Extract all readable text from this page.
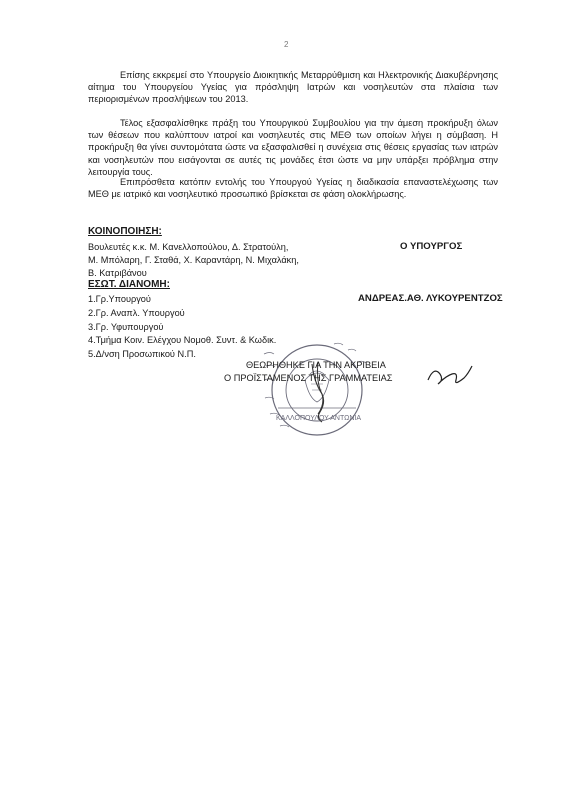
2

Επίσης εκκρεμεί στο Υπουργείο Διοικητικής Μεταρρύθμιση και Ηλεκτρονικής Διακυβέρνησης αίτημα του Υπουργείου Υγείας για πρόσληψη Ιατρών και νοσηλευτών στα πλαίσια των περιορισμένων προσλήψεων του 2013.

Τέλος εξασφαλίσθηκε πράξη του Υπουργικού Συμβουλίου για την άμεση προκήρυξη όλων των θέσεων που καλύπτουν ιατροί και νοσηλευτές στις ΜΕΘ των οποίων λήγει η σύμβαση. Η προκήρυξη θα γίνει συντομότατα ώστε να εξασφαλισθεί η συνέχεια στις θέσεις εργασίας των ιατρών και νοσηλευτών που εισάγονται σε αυτές τις μονάδες έτσι ώστε να μην υπάρξει πρόβλημα στην λειτουργία τους.

Επιπρόσθετα κατόπιν εντολής του Υπουργού Υγείας η διαδικασία επαναστελέχωσης των ΜΕΘ με ιατρικό και νοσηλευτικό προσωπικό βρίσκεται σε φάση ολοκλήρωσης.

ΚΟΙΝΟΠΟΙΗΣΗ:
Βουλευτές κ.κ. Μ. Κανελλοπούλου, Δ. Στρατούλη,
Μ. Μπόλαρη, Γ. Σταθά, Χ. Καραντάρη, Ν. Μιχαλάκη,
Β. Κατριβάνου
Ο ΥΠΟΥΡΓΟΣ
ΕΣΩΤ. ΔΙΑΝΟΜΗ:
1.Γρ.Υπουργού
2.Γρ. Αναπλ. Υπουργού
3.Γρ. Υφυπουργού
4.Τμήμα Κοιν. Ελέγχου Νομοθ. Συντ. & Κωδικ.
5.Δ/νση Προσωπικού Ν.Π.
ΑΝΔΡΕΑΣ.ΑΘ. ΛΥΚΟΥΡΕΝΤΖΟΣ
ΚΑΛΛΟΠΟΥΛΟΥ ΑΝΤΩΝΙΑ
ΘΕΩΡΗΘΗΚΕ ΓΙΑ ΤΗΝ ΑΚΡΙΒΕΙΑ
Ο ΠΡΟΪΣΤΑΜΕΝΟΣ ΤΗΣ ΓΡΑΜΜΑΤΕΙΑΣ
